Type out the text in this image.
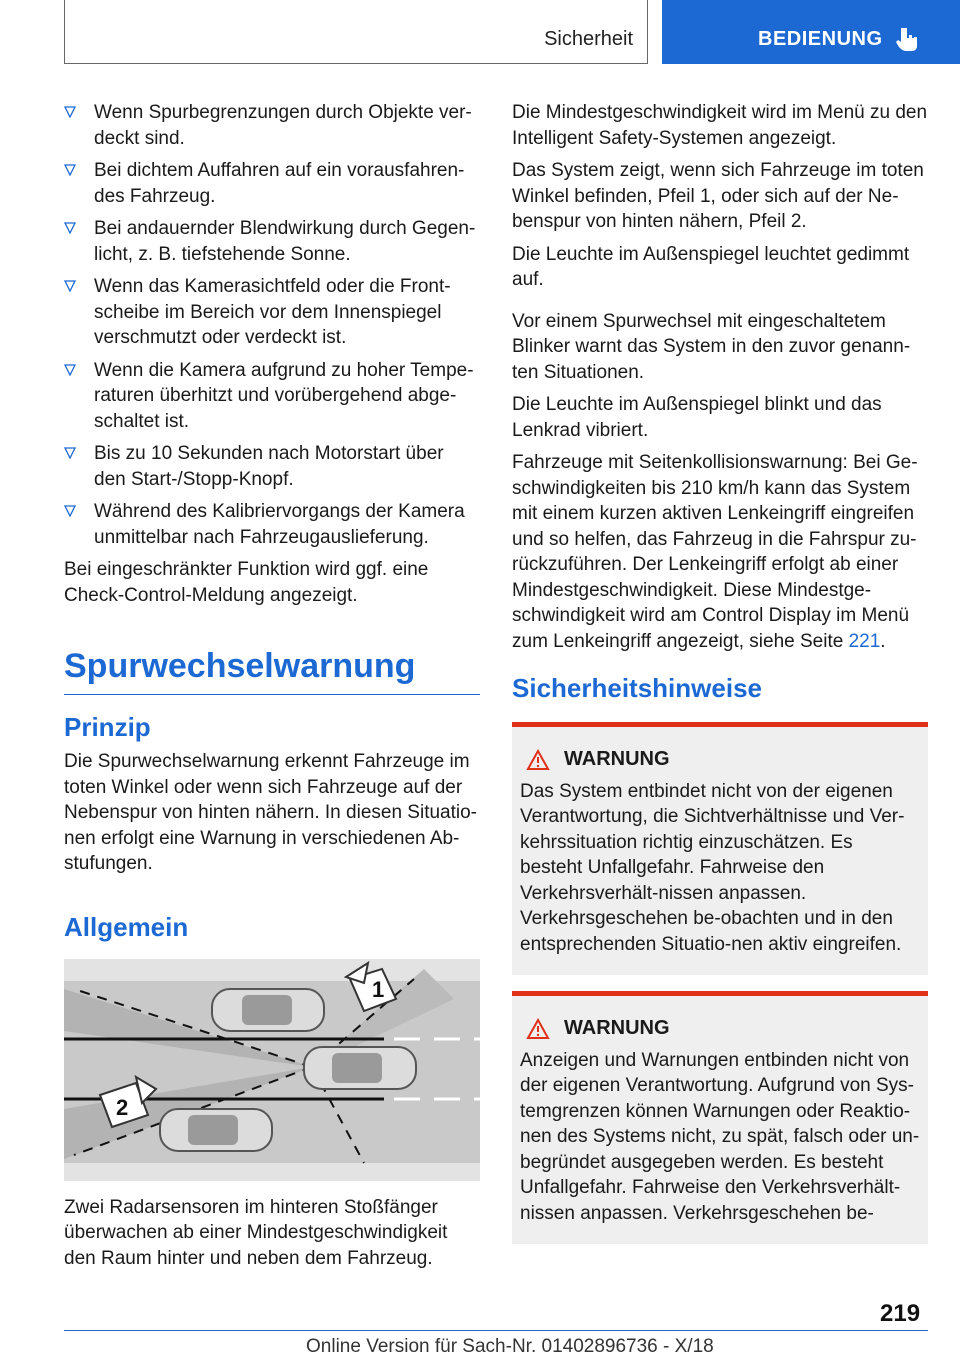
Sicherheit	BEDIENUNG
Wenn Spurbegrenzungen durch Objekte ver-deckt sind.
Bei dichtem Auffahren auf ein vorausfahren-des Fahrzeug.
Bei andauernder Blendwirkung durch Gegen-licht, z. B. tiefstehende Sonne.
Wenn das Kamerasichtfeld oder die Front-scheibe im Bereich vor dem Innenspiegel verschmutzt oder verdeckt ist.
Wenn die Kamera aufgrund zu hoher Tempe-raturen überhitzt und vorübergehend abge-schaltet ist.
Bis zu 10 Sekunden nach Motorstart über den Start-/Stopp-Knopf.
Während des Kalibriervorgangs der Kamera unmittelbar nach Fahrzeugauslieferung.

Bei eingeschränkter Funktion wird ggf. eine Check-Control-Meldung angezeigt.

Spurwechselwarnung
Prinzip

Die Spurwechselwarnung erkennt Fahrzeuge im toten Winkel oder wenn sich Fahrzeuge auf der Nebenspur von hinten nähern. In diesen Situatio-nen erfolgt eine Warnung in verschiedenen Ab-stufungen.

Allgemein
1
2

Zwei Radarsensoren im hinteren Stoßfänger überwachen ab einer Mindestgeschwindigkeit den Raum hinter und neben dem Fahrzeug.

Die Mindestgeschwindigkeit wird im Menü zu den Intelligent Safety-Systemen angezeigt.

Das System zeigt, wenn sich Fahrzeuge im toten Winkel befinden, Pfeil 1, oder sich auf der Ne-benspur von hinten nähern, Pfeil 2.

Die Leuchte im Außenspiegel leuchtet gedimmt auf.

Vor einem Spurwechsel mit eingeschaltetem Blinker warnt das System in den zuvor genann-ten Situationen.

Die Leuchte im Außenspiegel blinkt und das Lenkrad vibriert.

Fahrzeuge mit Seitenkollisionswarnung: Bei Ge-schwindigkeiten bis 210 km/h kann das System mit einem kurzen aktiven Lenkeingriff eingreifen und so helfen, das Fahrzeug in die Fahrspur zu-rückzuführen. Der Lenkeingriff erfolgt ab einer Mindestgeschwindigkeit. Diese Mindestge-schwindigkeit wird am Control Display im Menü zum Lenkeingriff angezeigt, siehe Seite 221.

Sicherheitshinweise
WARNUNG

Das System entbindet nicht von der eigenen Verantwortung, die Sichtverhältnisse und Ver-kehrssituation richtig einzuschätzen. Es besteht Unfallgefahr. Fahrweise den Verkehrsverhält-nissen anpassen. Verkehrsgeschehen be-obachten und in den entsprechenden Situatio-nen aktiv eingreifen.

WARNUNG

Anzeigen und Warnungen entbinden nicht von der eigenen Verantwortung. Aufgrund von Sys-temgrenzen können Warnungen oder Reaktio-nen des Systems nicht, zu spät, falsch oder un-begründet ausgegeben werden. Es besteht Unfallgefahr. Fahrweise den Verkehrsverhält-nissen anpassen. Verkehrsgeschehen be-

219
Online Version für Sach-Nr. 01402896736 - X/18
